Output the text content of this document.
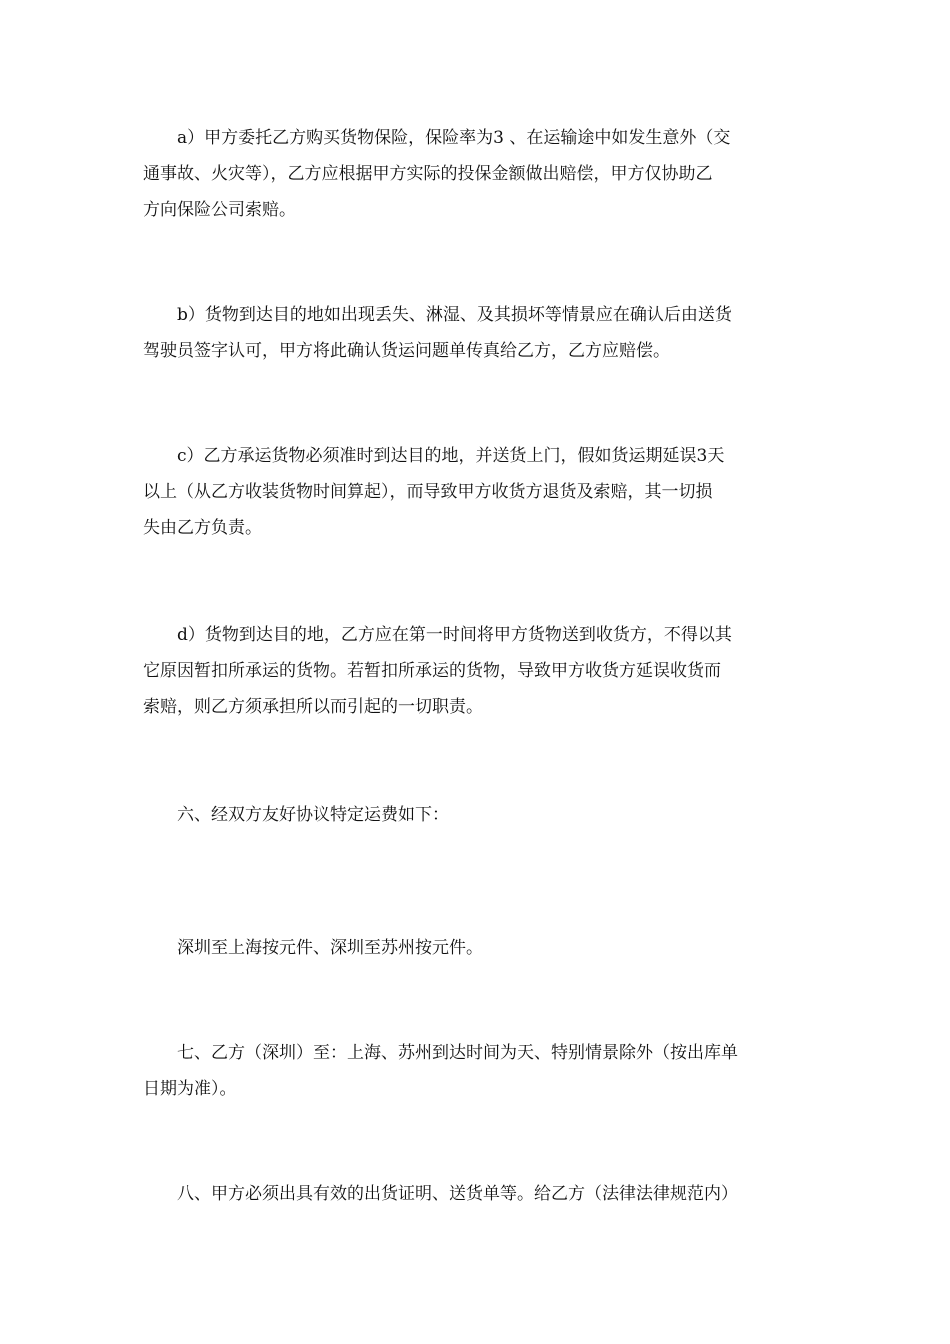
a）甲方委托乙方购买货物保险，保险率为3 、在运输途中如发生意外（交
通事故、火灾等），乙方应根据甲方实际的投保金额做出赔偿，甲方仅协助乙
方向保险公司索赔。

b）货物到达目的地如出现丢失、淋湿、及其损坏等情景应在确认后由送货
驾驶员签字认可，甲方将此确认货运问题单传真给乙方，乙方应赔偿。

c）乙方承运货物必须准时到达目的地，并送货上门，假如货运期延误3天
以上（从乙方收装货物时间算起），而导致甲方收货方退货及索赔，其一切损
失由乙方负责。

d）货物到达目的地，乙方应在第一时间将甲方货物送到收货方，不得以其
它原因暂扣所承运的货物。若暂扣所承运的货物，导致甲方收货方延误收货而
索赔，则乙方须承担所以而引起的一切职责。

六、经双方友好协议特定运费如下：

深圳至上海按元件、深圳至苏州按元件。

七、乙方（深圳）至：上海、苏州到达时间为天、特别情景除外（按出库单
日期为准）。

八、甲方必须出具有效的出货证明、送货单等。给乙方（法律法律规范内）
